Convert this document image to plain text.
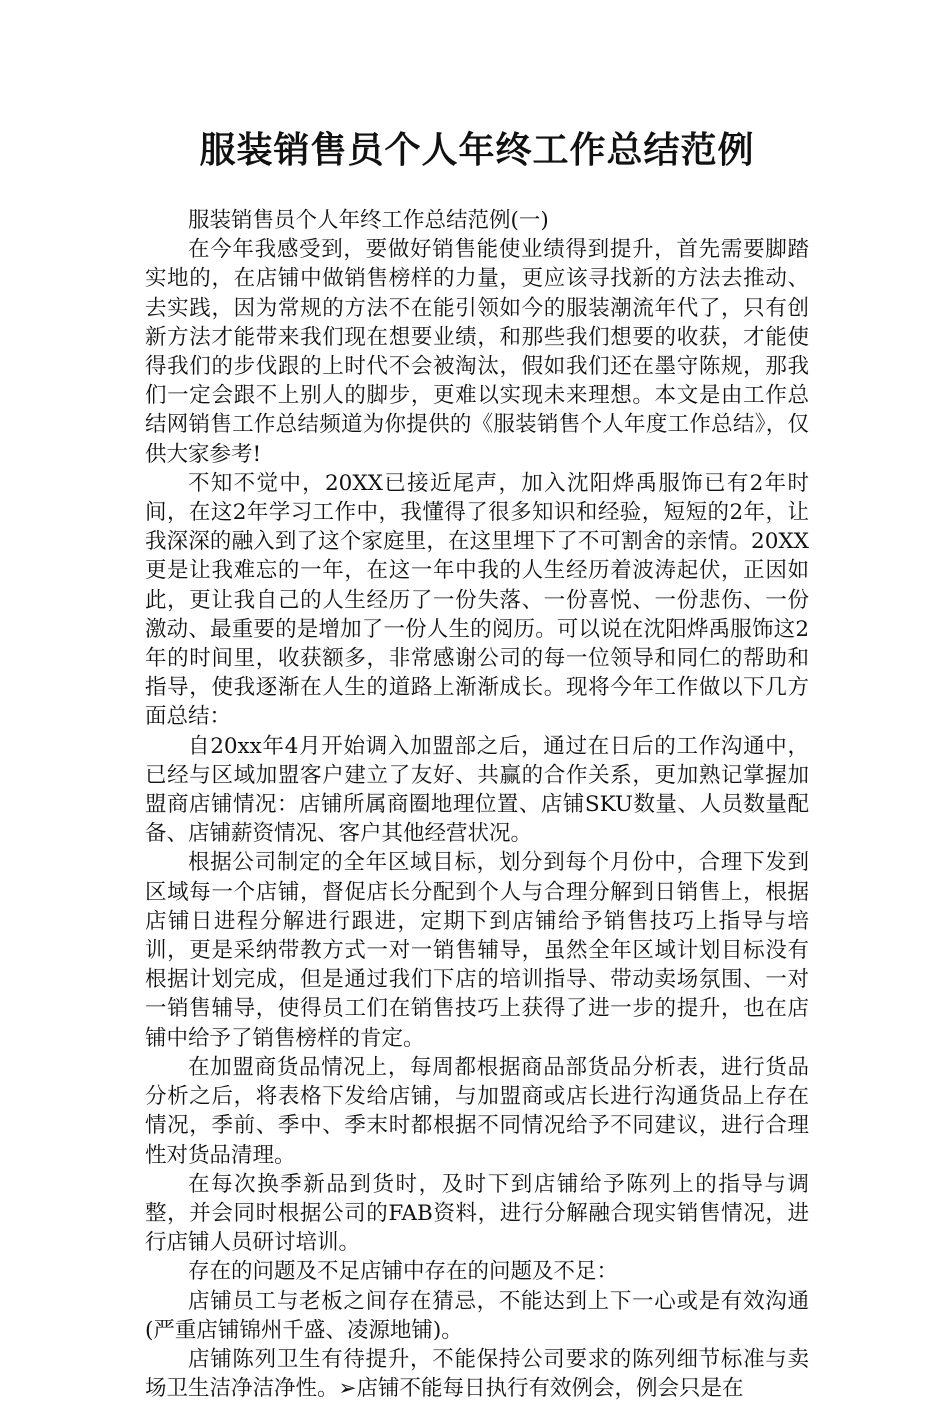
服装销售员个人年终工作总结范例

服装销售员个人年终工作总结范例(一)

在今年我感受到，要做好销售能使业绩得到提升，首先需要脚踏实地的，在店铺中做销售榜样的力量，更应该寻找新的方法去推动、去实践，因为常规的方法不在能引领如今的服装潮流年代了，只有创新方法才能带来我们现在想要业绩，和那些我们想要的收获，才能使得我们的步伐跟的上时代不会被淘汰，假如我们还在墨守陈规，那我们一定会跟不上别人的脚步，更难以实现未来理想。本文是由工作总结网销售工作总结频道为你提供的《服装销售个人年度工作总结》，仅供大家参考!

不知不觉中，20XX已接近尾声，加入沈阳烨禹服饰已有2年时间，在这2年学习工作中，我懂得了很多知识和经验，短短的2年，让我深深的融入到了这个家庭里，在这里埋下了不可割舍的亲情。20XX更是让我难忘的一年，在这一年中我的人生经历着波涛起伏，正因如此，更让我自己的人生经历了一份失落、一份喜悦、一份悲伤、一份激动、最重要的是增加了一份人生的阅历。可以说在沈阳烨禹服饰这2年的时间里，收获额多，非常感谢公司的每一位领导和同仁的帮助和指导，使我逐渐在人生的道路上渐渐成长。现将今年工作做以下几方面总结：

自20xx年4月开始调入加盟部之后，通过在日后的工作沟通中，已经与区域加盟客户建立了友好、共赢的合作关系，更加熟记掌握加盟商店铺情况：店铺所属商圈地理位置、店铺SKU数量、人员数量配备、店铺薪资情况、客户其他经营状况。

根据公司制定的全年区域目标，划分到每个月份中，合理下发到区域每一个店铺，督促店长分配到个人与合理分解到日销售上，根据店铺日进程分解进行跟进，定期下到店铺给予销售技巧上指导与培训，更是采纳带教方式一对一销售辅导，虽然全年区域计划目标没有根据计划完成，但是通过我们下店的培训指导、带动卖场氛围、一对一销售辅导，使得员工们在销售技巧上获得了进一步的提升，也在店铺中给予了销售榜样的肯定。

在加盟商货品情况上，每周都根据商品部货品分析表，进行货品分析之后，将表格下发给店铺，与加盟商或店长进行沟通货品上存在情况，季前、季中、季末时都根据不同情况给予不同建议，进行合理性对货品清理。

在每次换季新品到货时，及时下到店铺给予陈列上的指导与调整，并会同时根据公司的FAB资料，进行分解融合现实销售情况，进行店铺人员研讨培训。

存在的问题及不足店铺中存在的问题及不足：

店铺员工与老板之间存在猜忌，不能达到上下一心或是有效沟通(严重店铺锦州千盛、凌源地铺)。

店铺陈列卫生有待提升，不能保持公司要求的陈列细节标准与卖场卫生洁净洁净性。➢店铺不能每日执行有效例会，例会只是在
